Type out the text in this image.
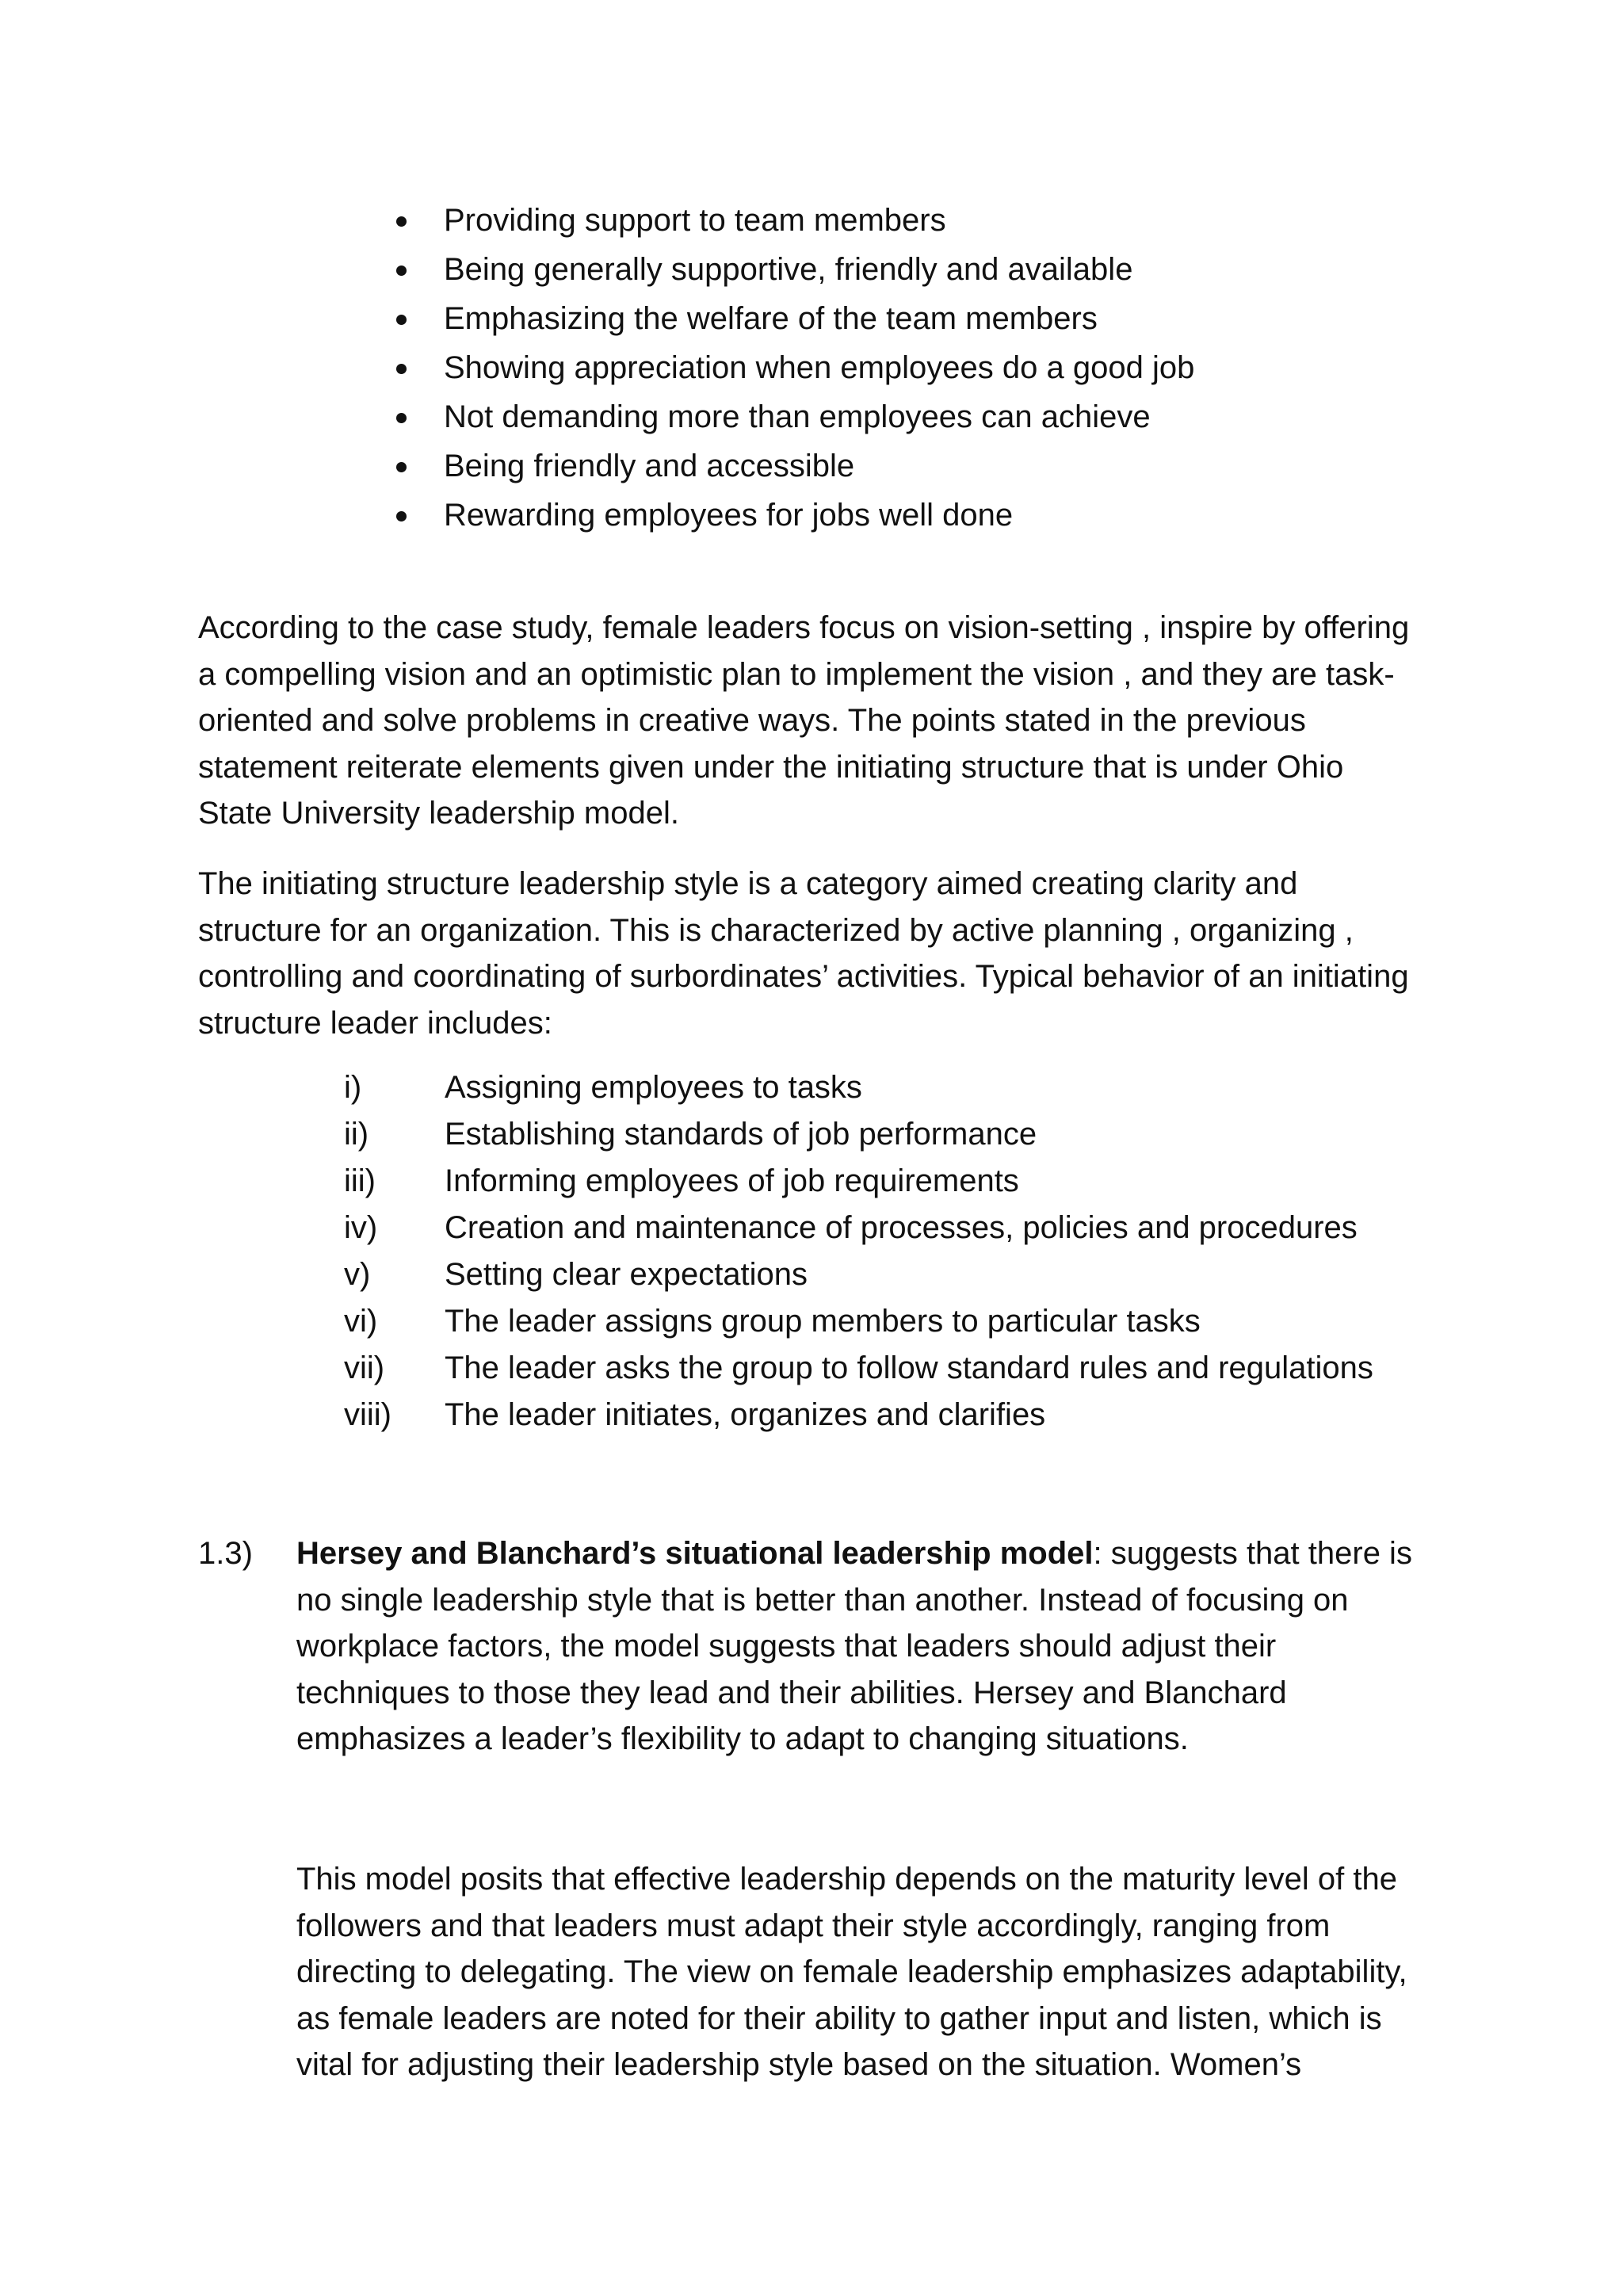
Providing support to team members
Being generally supportive, friendly and available
Emphasizing the welfare of the team members
Showing appreciation when employees do a good job
Not demanding more than employees can achieve
Being friendly and accessible
Rewarding employees for jobs well done

According to the case study, female leaders focus on vision-setting , inspire by offering
a compelling vision and an optimistic plan to implement the vision , and they are task-
oriented and solve problems in creative ways. The points stated in the previous
statement reiterate elements given under the initiating structure that is under Ohio
State University leadership model.

The initiating structure leadership style is a category aimed creating clarity and
structure for an organization. This is characterized by active planning , organizing ,
controlling and coordinating of surbordinates’ activities. Typical behavior of an initiating
structure leader includes:

i)	Assigning employees to tasks
ii) Establishing standards of job performance
iii) Informing employees of job requirements
iv) Creation and maintenance of processes, policies and procedures
v) Setting clear expectations
vi) The leader assigns group members to particular tasks
vii) The leader asks the group to follow standard rules and regulations
viii) The leader initiates, organizes and clarifies
1.3) Hersey and Blanchard’s situational leadership model: suggests that there is
no single leadership style that is better than another. Instead of focusing on
workplace factors, the model suggests that leaders should adjust their
techniques to those they lead and their abilities. Hersey and Blanchard
emphasizes a leader’s flexibility to adapt to changing situations.

This model posits that effective leadership depends on the maturity level of the
followers and that leaders must adapt their style accordingly, ranging from
directing to delegating. The view on female leadership emphasizes adaptability,
as female leaders are noted for their ability to gather input and listen, which is
vital for adjusting their leadership style based on the situation. Women’s
